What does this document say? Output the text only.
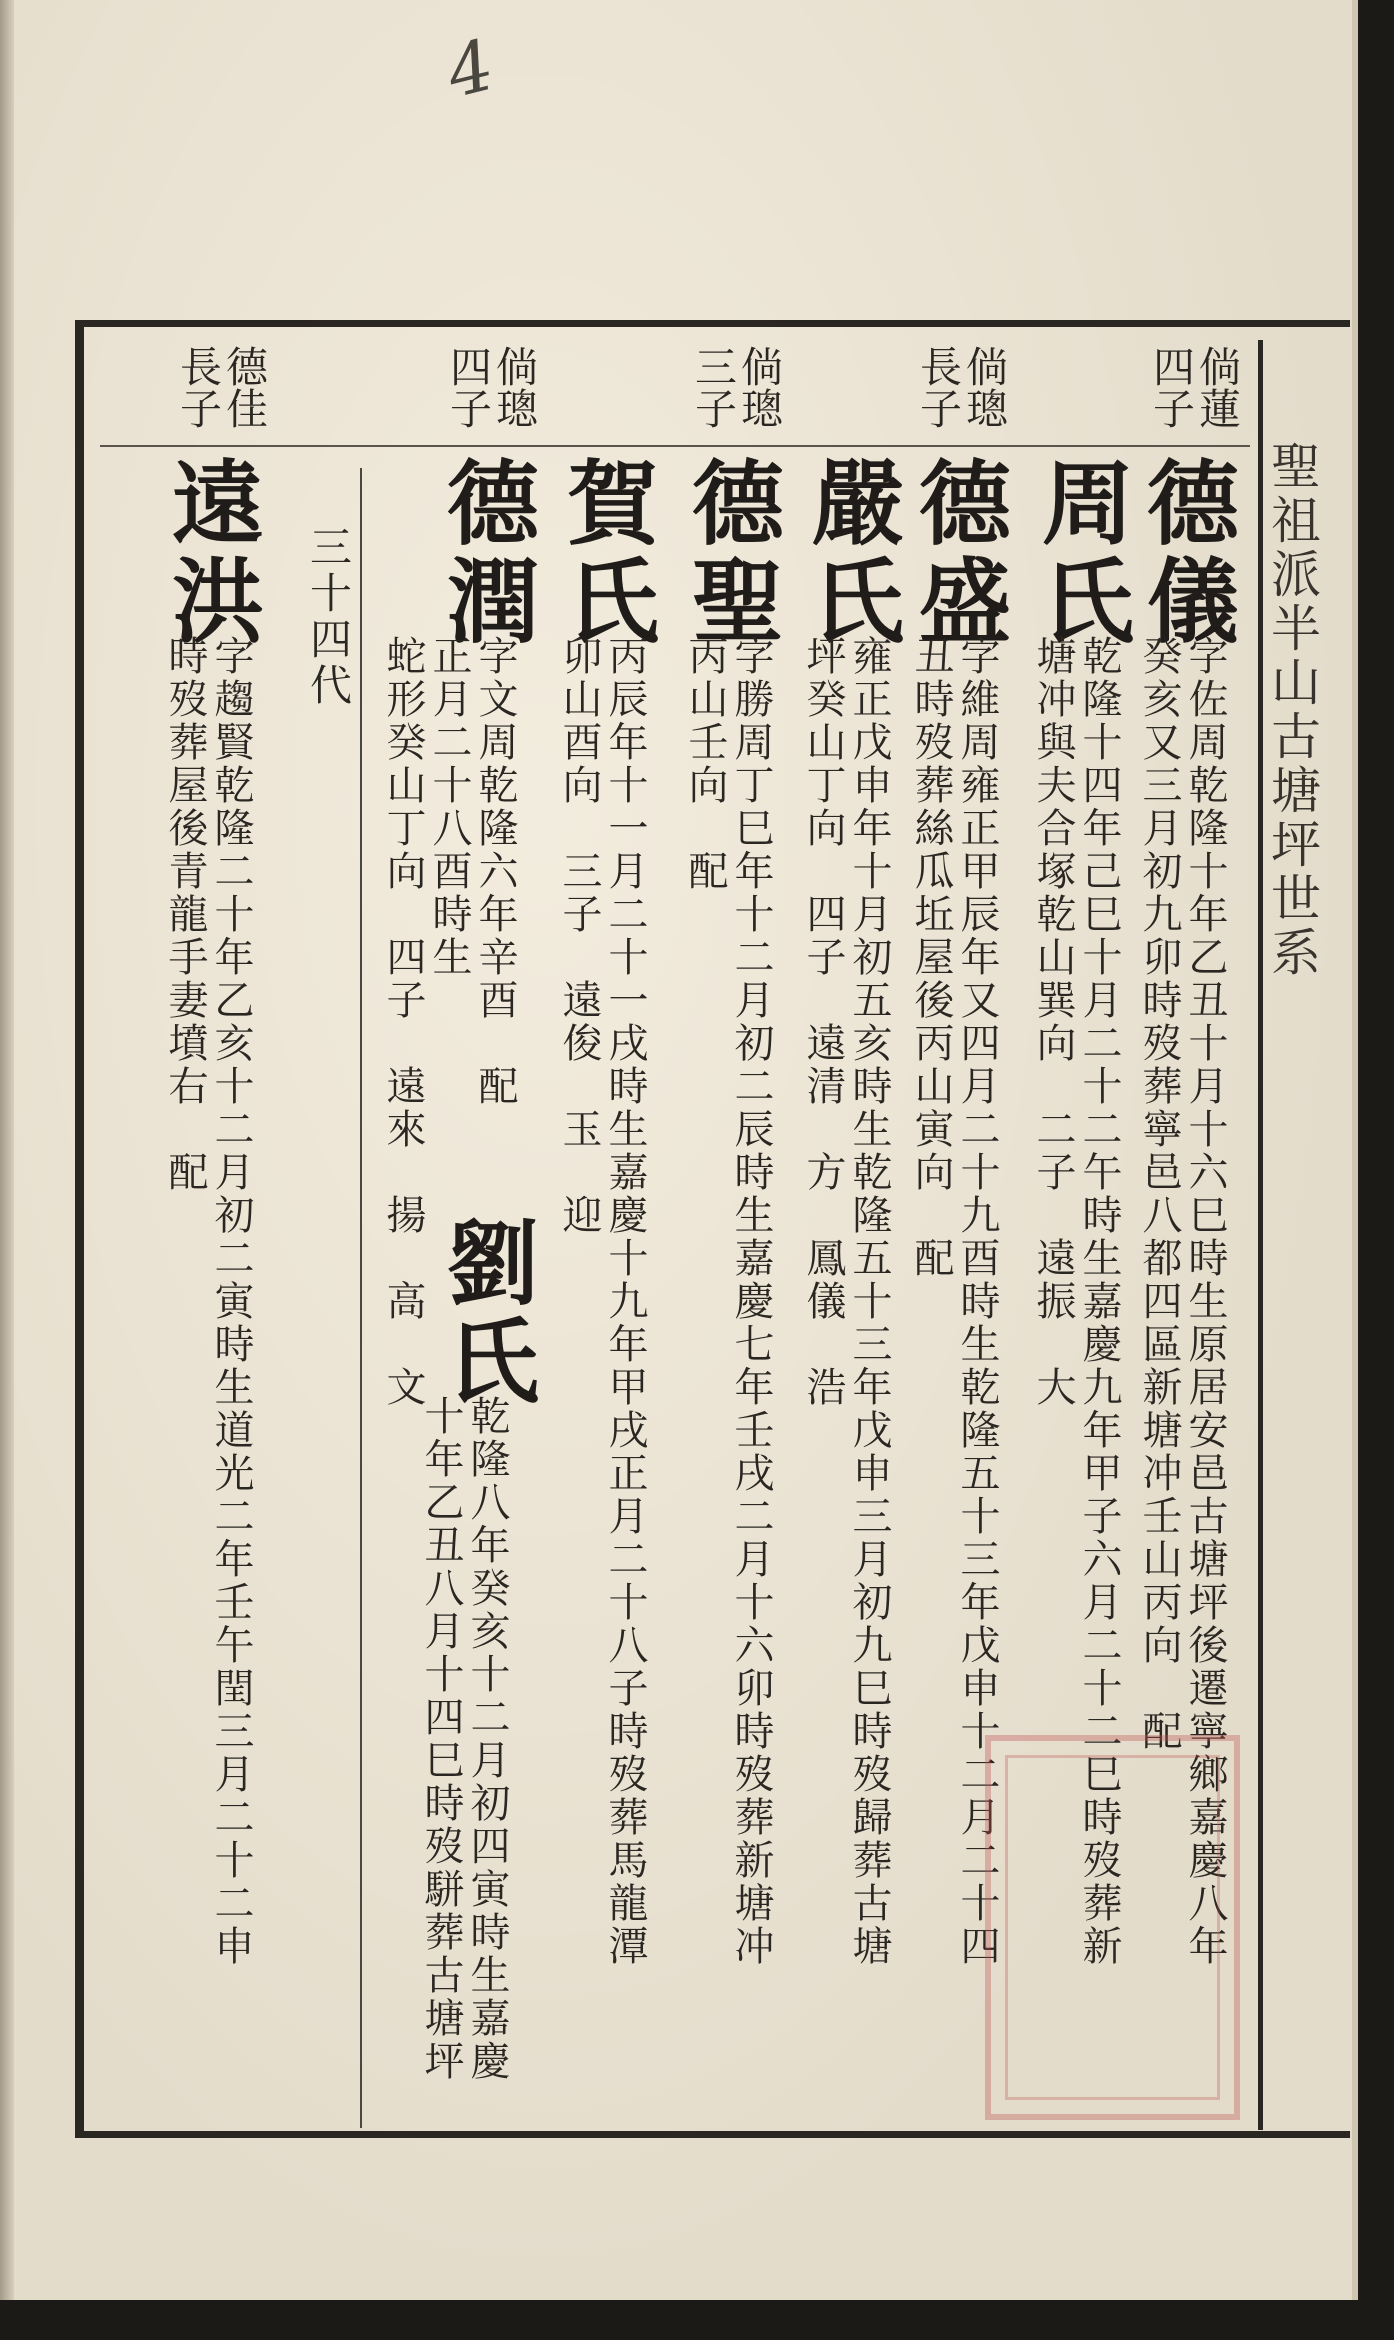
4
聖祖派半山古塘坪世系
倘蓮四子
德儀
字佐周乾隆十年乙丑十月十六巳時生原居安邑古塘坪後遷寧鄉嘉慶八年
癸亥又三月初九卯時歿葬寧邑八都四區新塘冲壬山丙向　配
周氏
乾隆十四年己巳十月二十二午時生嘉慶九年甲子六月二十二巳時歿葬新
塘冲與夫合塚乾山巽向　二子　遠振　大
倘璁長子
德盛
字維周雍正甲辰年又四月二十九酉時生乾隆五十三年戊申十二月二十四
丑時歿葬絲瓜坵屋後丙山寅向　配
嚴氏
雍正戊申年十月初五亥時生乾隆五十三年戊申三月初九巳時歿歸葬古塘
坪癸山丁向　四子　遠清　方　鳳儀　浩
倘璁三子
德聖
字勝周丁巳年十二月初二辰時生嘉慶七年壬戌二月十六卯時歿葬新塘冲
丙山壬向　配
賀氏
丙辰年十一月二十一戌時生嘉慶十九年甲戌正月二十八子時歿葬馬龍潭
卯山酉向　三子　遠俊　玉　迎
倘璁四子
德潤
字文周乾隆六年辛酉　配
正月二十八酉時生
蛇形癸山丁向　四子　遠來　揚　高　文 劉氏
乾隆八年癸亥十二月初四寅時生嘉慶
十年乙丑八月十四巳時歿駢葬古塘坪
三十四代
德佳長子
遠洪
字趨賢乾隆二十年乙亥十二月初二寅時生道光二年壬午閏三月二十二申
時歿葬屋後青龍手妻墳右　配
